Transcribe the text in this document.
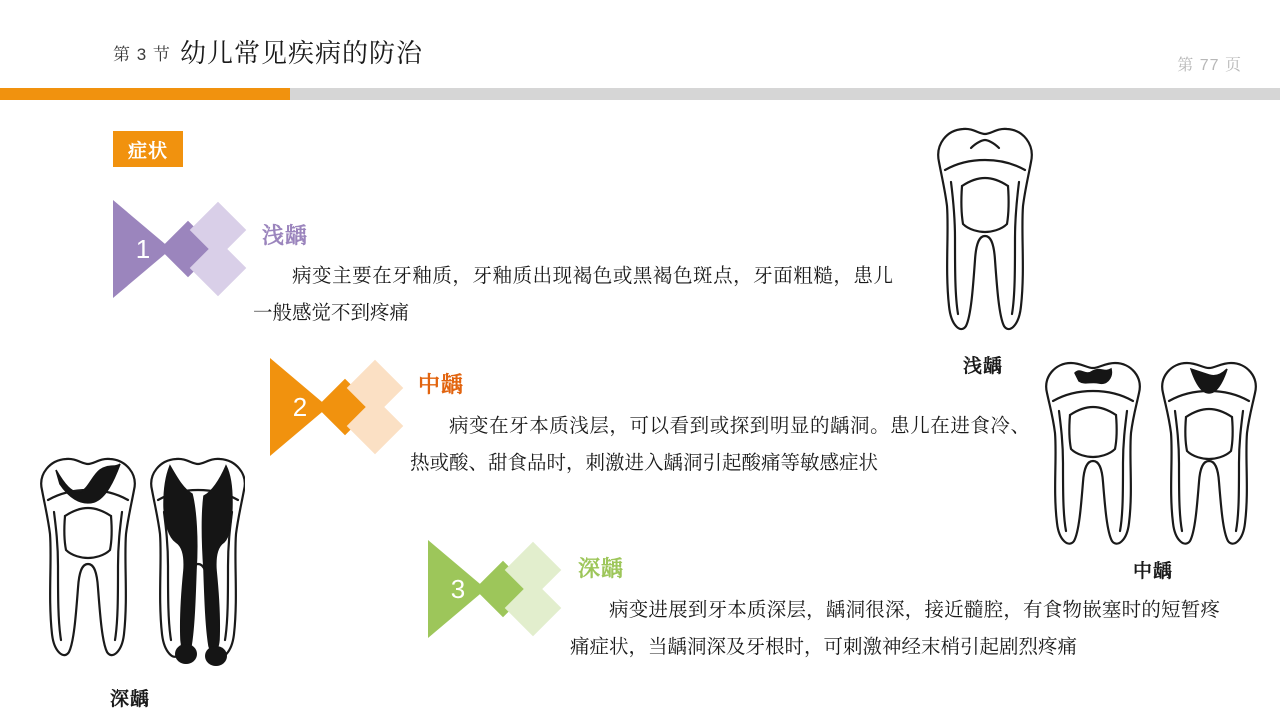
第 3 节 幼儿常见疾病的防治	第 77 页
症状
1	浅龋
病变主要在牙釉质，牙釉质出现褐色或黑褐色斑点，牙面粗糙，患儿一般感觉不到疼痛
2
中龋
病变在牙本质浅层，可以看到或探到明显的龋洞。患儿在进食冷、热或酸、甜食品时，刺激进入龋洞引起酸痛等敏感症状
3
深龋
病变进展到牙本质深层，龋洞很深，接近髓腔，有食物嵌塞时的短暂疼痛症状，当龋洞深及牙根时，可刺激神经末梢引起剧烈疼痛
浅龋
中龋
深龋
